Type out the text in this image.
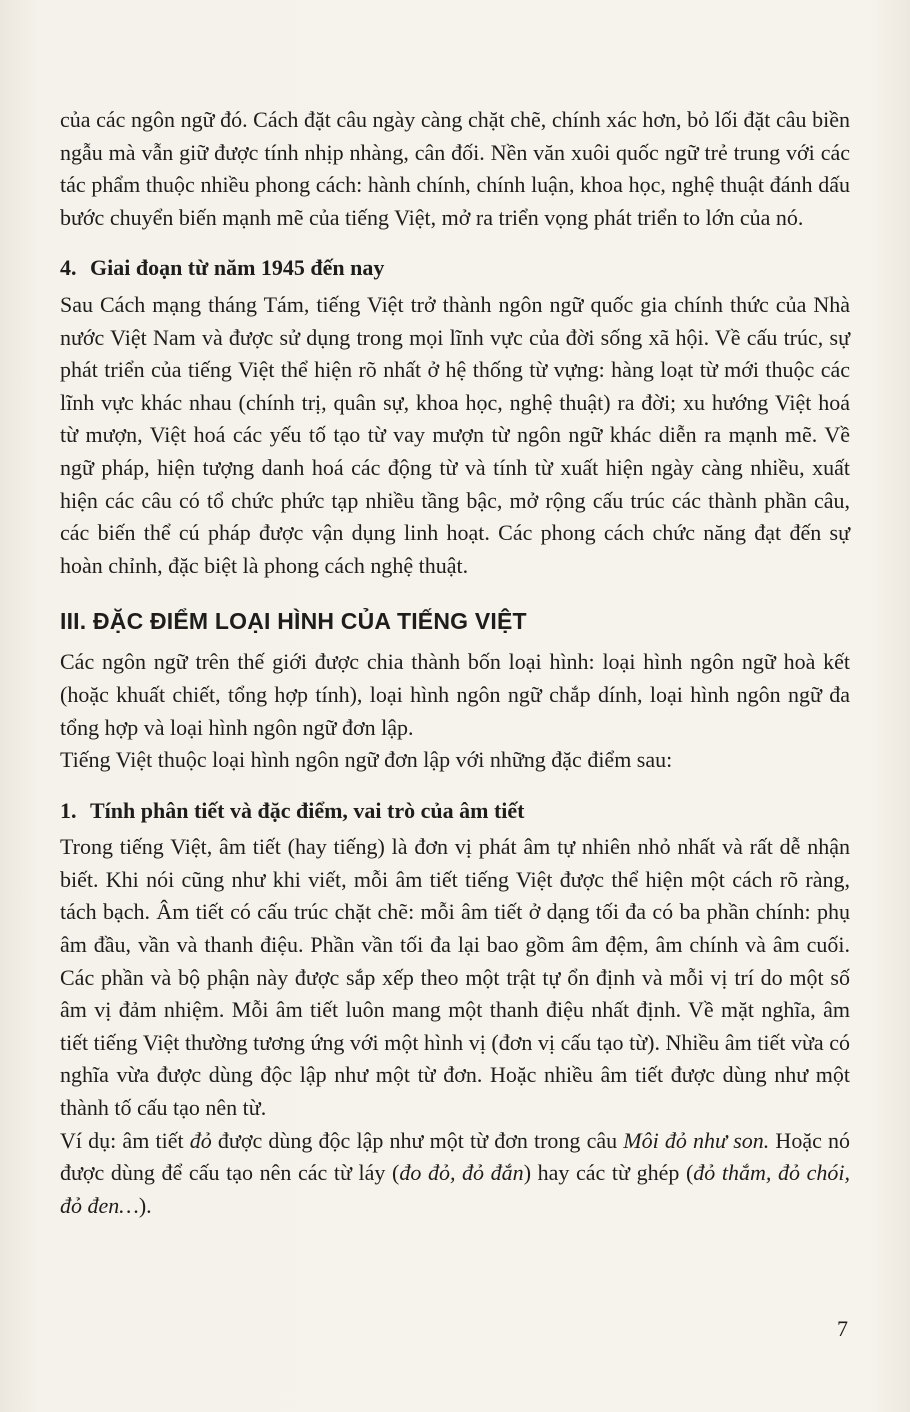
của các ngôn ngữ đó. Cách đặt câu ngày càng chặt chẽ, chính xác hơn, bỏ lối đặt câu biền ngẫu mà vẫn giữ được tính nhịp nhàng, cân đối. Nền văn xuôi quốc ngữ trẻ trung với các tác phẩm thuộc nhiều phong cách: hành chính, chính luận, khoa học, nghệ thuật đánh dấu bước chuyển biến mạnh mẽ của tiếng Việt, mở ra triển vọng phát triển to lớn của nó.

4. Giai đoạn từ năm 1945 đến nay

Sau Cách mạng tháng Tám, tiếng Việt trở thành ngôn ngữ quốc gia chính thức của Nhà nước Việt Nam và được sử dụng trong mọi lĩnh vực của đời sống xã hội. Về cấu trúc, sự phát triển của tiếng Việt thể hiện rõ nhất ở hệ thống từ vựng: hàng loạt từ mới thuộc các lĩnh vực khác nhau (chính trị, quân sự, khoa học, nghệ thuật) ra đời; xu hướng Việt hoá từ mượn, Việt hoá các yếu tố tạo từ vay mượn từ ngôn ngữ khác diễn ra mạnh mẽ. Về ngữ pháp, hiện tượng danh hoá các động từ và tính từ xuất hiện ngày càng nhiều, xuất hiện các câu có tổ chức phức tạp nhiều tầng bậc, mở rộng cấu trúc các thành phần câu, các biến thể cú pháp được vận dụng linh hoạt. Các phong cách chức năng đạt đến sự hoàn chỉnh, đặc biệt là phong cách nghệ thuật.

III. ĐẶC ĐIỂM LOẠI HÌNH CỦA TIẾNG VIỆT

Các ngôn ngữ trên thế giới được chia thành bốn loại hình: loại hình ngôn ngữ hoà kết (hoặc khuất chiết, tổng hợp tính), loại hình ngôn ngữ chắp dính, loại hình ngôn ngữ đa tổng hợp và loại hình ngôn ngữ đơn lập.

Tiếng Việt thuộc loại hình ngôn ngữ đơn lập với những đặc điểm sau:

1. Tính phân tiết và đặc điểm, vai trò của âm tiết

Trong tiếng Việt, âm tiết (hay tiếng) là đơn vị phát âm tự nhiên nhỏ nhất và rất dễ nhận biết. Khi nói cũng như khi viết, mỗi âm tiết tiếng Việt được thể hiện một cách rõ ràng, tách bạch. Âm tiết có cấu trúc chặt chẽ: mỗi âm tiết ở dạng tối đa có ba phần chính: phụ âm đầu, vần và thanh điệu. Phần vần tối đa lại bao gồm âm đệm, âm chính và âm cuối. Các phần và bộ phận này được sắp xếp theo một trật tự ổn định và mỗi vị trí do một số âm vị đảm nhiệm. Mỗi âm tiết luôn mang một thanh điệu nhất định. Về mặt nghĩa, âm tiết tiếng Việt thường tương ứng với một hình vị (đơn vị cấu tạo từ). Nhiều âm tiết vừa có nghĩa vừa được dùng độc lập như một từ đơn. Hoặc nhiều âm tiết được dùng như một thành tố cấu tạo nên từ.

Ví dụ: âm tiết đỏ được dùng độc lập như một từ đơn trong câu Môi đỏ như son. Hoặc nó được dùng để cấu tạo nên các từ láy (đo đỏ, đỏ đắn) hay các từ ghép (đỏ thắm, đỏ chói, đỏ đen…).

7
